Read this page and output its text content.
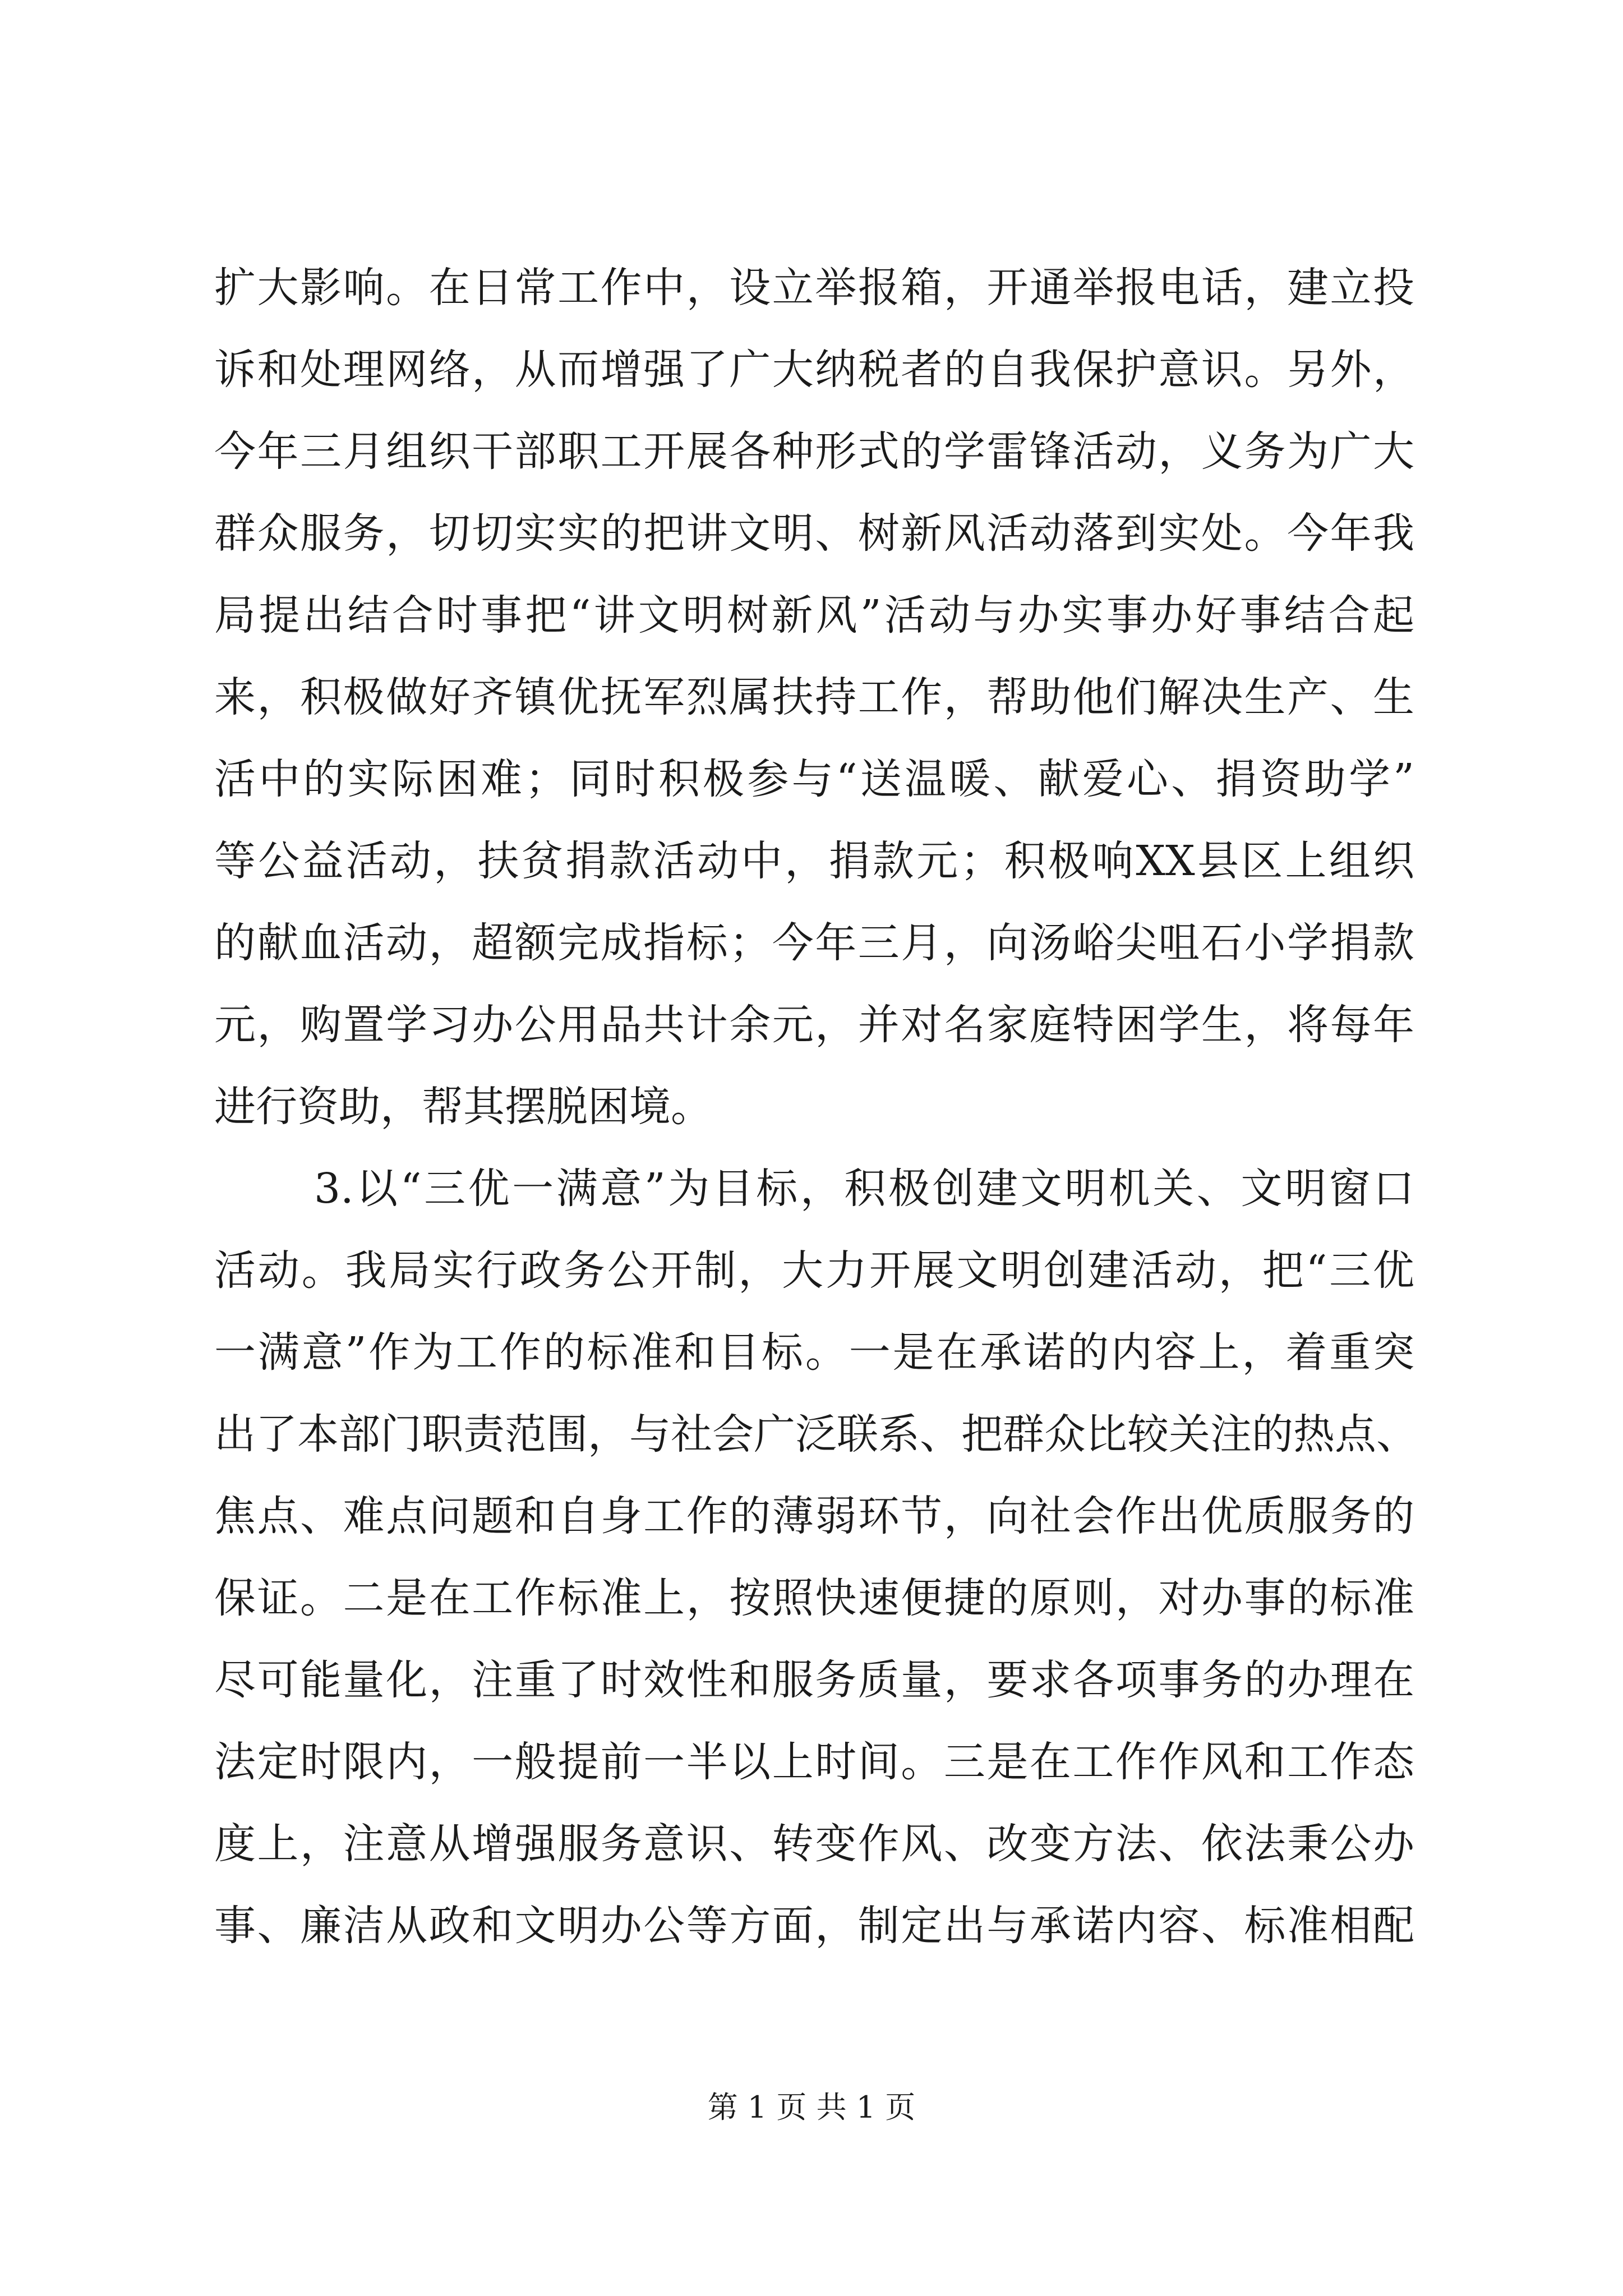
扩大影响。在日常工作中，设立举报箱，开通举报电话，建立投
诉和处理网络，从而增强了广大纳税者的自我保护意识。另外，
今年三月组织干部职工开展各种形式的学雷锋活动，义务为广大
群众服务，切切实实的把讲文明、树新风活动落到实处。今年我
局提出结合时事把“讲文明树新风”活动与办实事办好事结合起
来，积极做好齐镇优抚军烈属扶持工作，帮助他们解决生产、生
活中的实际困难；同时积极参与“送温暖、献爱心、捐资助学”
等公益活动，扶贫捐款活动中，捐款元；积极响XX县区上组织
的献血活动，超额完成指标；今年三月，向汤峪尖咀石小学捐款
元，购置学习办公用品共计余元，并对名家庭特困学生，将每年
进行资助，帮其摆脱困境。
3.以“三优一满意”为目标，积极创建文明机关、文明窗口
活动。我局实行政务公开制，大力开展文明创建活动，把“三优
一满意”作为工作的标准和目标。一是在承诺的内容上，着重突
出了本部门职责范围，与社会广泛联系、把群众比较关注的热点、
焦点、难点问题和自身工作的薄弱环节，向社会作出优质服务的
保证。二是在工作标准上，按照快速便捷的原则，对办事的标准
尽可能量化，注重了时效性和服务质量，要求各项事务的办理在
法定时限内，一般提前一半以上时间。三是在工作作风和工作态
度上，注意从增强服务意识、转变作风、改变方法、依法秉公办
事、廉洁从政和文明办公等方面，制定出与承诺内容、标准相配
第 1 页 共 1 页
